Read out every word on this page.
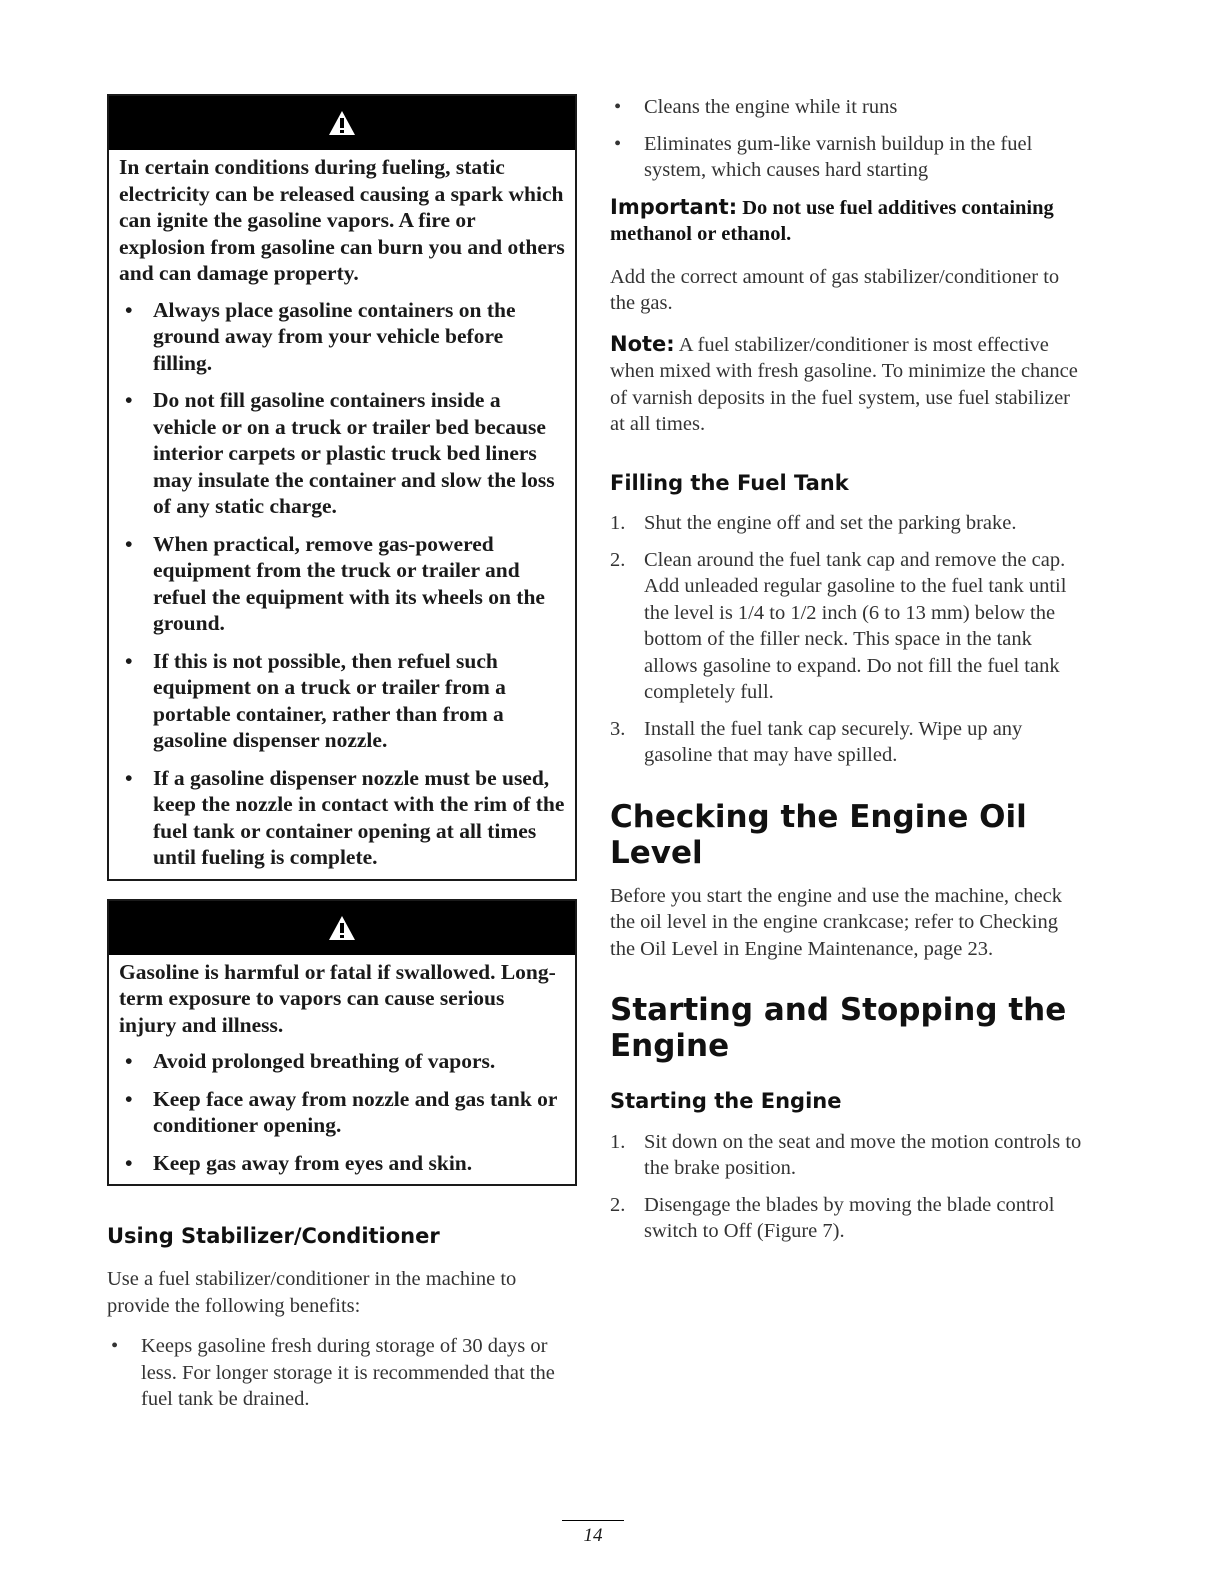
In certain conditions during fueling, static electricity can be released causing a spark which can ignite the gasoline vapors. A fire or explosion from gasoline can burn you and others and can damage property.

• Always place gasoline containers on the ground away from your vehicle before filling.
• Do not fill gasoline containers inside a vehicle or on a truck or trailer bed because interior carpets or plastic truck bed liners may insulate the container and slow the loss of any static charge.
• When practical, remove gas-powered equipment from the truck or trailer and refuel the equipment with its wheels on the ground.
• If this is not possible, then refuel such equipment on a truck or trailer from a portable container, rather than from a gasoline dispenser nozzle.
• If a gasoline dispenser nozzle must be used, keep the nozzle in contact with the rim of the fuel tank or container opening at all times until fueling is complete.

Gasoline is harmful or fatal if swallowed. Long-term exposure to vapors can cause serious injury and illness.

• Avoid prolonged breathing of vapors.
• Keep face away from nozzle and gas tank or conditioner opening.
• Keep gas away from eyes and skin.
Using Stabilizer/Conditioner

Use a fuel stabilizer/conditioner in the machine to provide the following benefits:

• Keeps gasoline fresh during storage of 30 days or less. For longer storage it is recommended that the fuel tank be drained.
• Cleans the engine while it runs
• Eliminates gum-like varnish buildup in the fuel system, which causes hard starting

Important: Do not use fuel additives containing methanol or ethanol.

Add the correct amount of gas stabilizer/conditioner to the gas.

Note: A fuel stabilizer/conditioner is most effective when mixed with fresh gasoline. To minimize the chance of varnish deposits in the fuel system, use fuel stabilizer at all times.

Filling the Fuel Tank
1. Shut the engine off and set the parking brake.
2. Clean around the fuel tank cap and remove the cap. Add unleaded regular gasoline to the fuel tank until the level is 1/4 to 1/2 inch (6 to 13 mm) below the bottom of the filler neck. This space in the tank allows gasoline to expand. Do not fill the fuel tank completely full.
3. Install the fuel tank cap securely. Wipe up any gasoline that may have spilled.
Checking the Engine Oil Level

Before you start the engine and use the machine, check the oil level in the engine crankcase; refer to Checking the Oil Level in Engine Maintenance, page 23.

Starting and Stopping the Engine
Starting the Engine
1. Sit down on the seat and move the motion controls to the brake position.
2. Disengage the blades by moving the blade control switch to Off (Figure 7).
14
